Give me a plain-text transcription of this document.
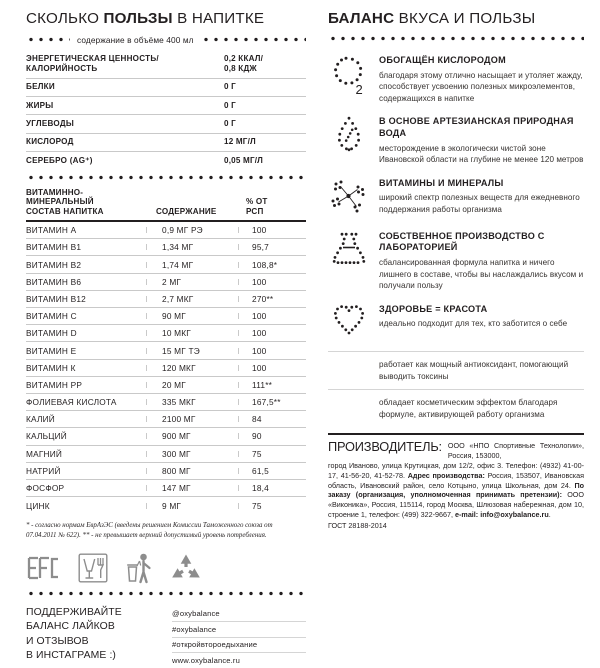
СКОЛЬКО ПОЛЬЗЫ В НАПИТКЕ
содержание в объёме 400 мл
ЭНЕРГЕТИЧЕСКАЯ ЦЕННОСТЬ/
КАЛОРИЙНОСТЬ	0,2 ККАЛ/
0,8 КДЖ
БЕЛКИ	0 Г
ЖИРЫ	0 Г
УГЛЕВОДЫ	0 Г
КИСЛОРОД	12 МГ/Л
СЕРЕБРО (AG⁺)	0,05 МГ/Л
ВИТАМИННО-
МИНЕРАЛЬНЫЙ
СОСТАВ НАПИТКА	СОДЕРЖАНИЕ
% ОТ
РСП
ВИТАМИН А	0,9 МГ РЭ	100
ВИТАМИН В1	1,34 МГ	95,7
ВИТАМИН В2	1,74 МГ	108,8*
ВИТАМИН В6	2 МГ	100
ВИТАМИН В12	2,7 МКГ	270**
ВИТАМИН С	90 МГ	100
ВИТАМИН D	10 МКГ	100
ВИТАМИН Е	15 МГ ТЭ	100
ВИТАМИН К	120 МКГ	100
ВИТАМИН РР	20 МГ	111**
ФОЛИЕВАЯ КИСЛОТА	335 МКГ	167,5**
КАЛИЙ	2100 МГ	84
КАЛЬЦИЙ	900 МГ	90
МАГНИЙ	300 МГ	75
НАТРИЙ	800 МГ	61,5
ФОСФОР	147 МГ	18,4
ЦИНК	9 МГ	75
* - согласно нормам ЕврАзЭС (введены решением Комиссии Таможенного союза от 07.04.2011 № 622). ** - не превышает верхний допустимый уровень потребления.
ПОДДЕРЖИВАЙТЕ
БАЛАНС ЛАЙКОВ
И ОТЗЫВОВ
В ИНСТАГРАМЕ :)
@oxybalance
#oxybalance
#откройвтороедыхание
www.oxybalance.ru
БАЛАНС ВКУСА И ПОЛЬЗЫ
2
ОБОГАЩЁН КИСЛОРОДОМ
благодаря этому отлично насыщает и утоляет жажду, способствует усвоению полезных микроэлементов, содержащихся в напитке
В ОСНОВЕ АРТЕЗИАНСКАЯ ПРИРОДНАЯ ВОДА
месторождение в экологически чистой зоне Ивановской области на глубине не менее 120 метров
ВИТАМИНЫ И МИНЕРАЛЫ
широкий спектр полезных веществ для ежедневного поддержания работы организма
СОБСТВЕННОЕ ПРОИЗВОДСТВО С ЛАБОРАТОРИЕЙ
сбалансированная формула напитка и ничего лишнего в составе, чтобы вы наслаждались вкусом и получали пользу
ЗДОРОВЬЕ = КРАСОТА
идеально подходит для тех, кто заботится о себе
работает как мощный антиоксидант, помогающий выводить токсины
обладает косметическим эффектом благодаря формуле, активирующей работу организма
ПРОИЗВОДИТЕЛЬ: ООО «НПО Спортивные Технологии», Россия, 153000,
город Иваново, улица Крутицкая, дом 12/2, офис 3. Телефон: (4932) 41-00-17, 41-56-20, 41-52-78. Адрес производства: Россия, 153507, Ивановская область, Ивановский район, село Котцыно, улица Школьная, дом 24. По заказу (организация, уполномоченная принимать претензии): ООО «Виконика», Россия, 115114, город Москва, Шлюзовая набережная, дом 10, строение 1, телефон: (499) 322-9667, e-mail: info@oxybalance.ru.
ГОСТ 28188-2014
